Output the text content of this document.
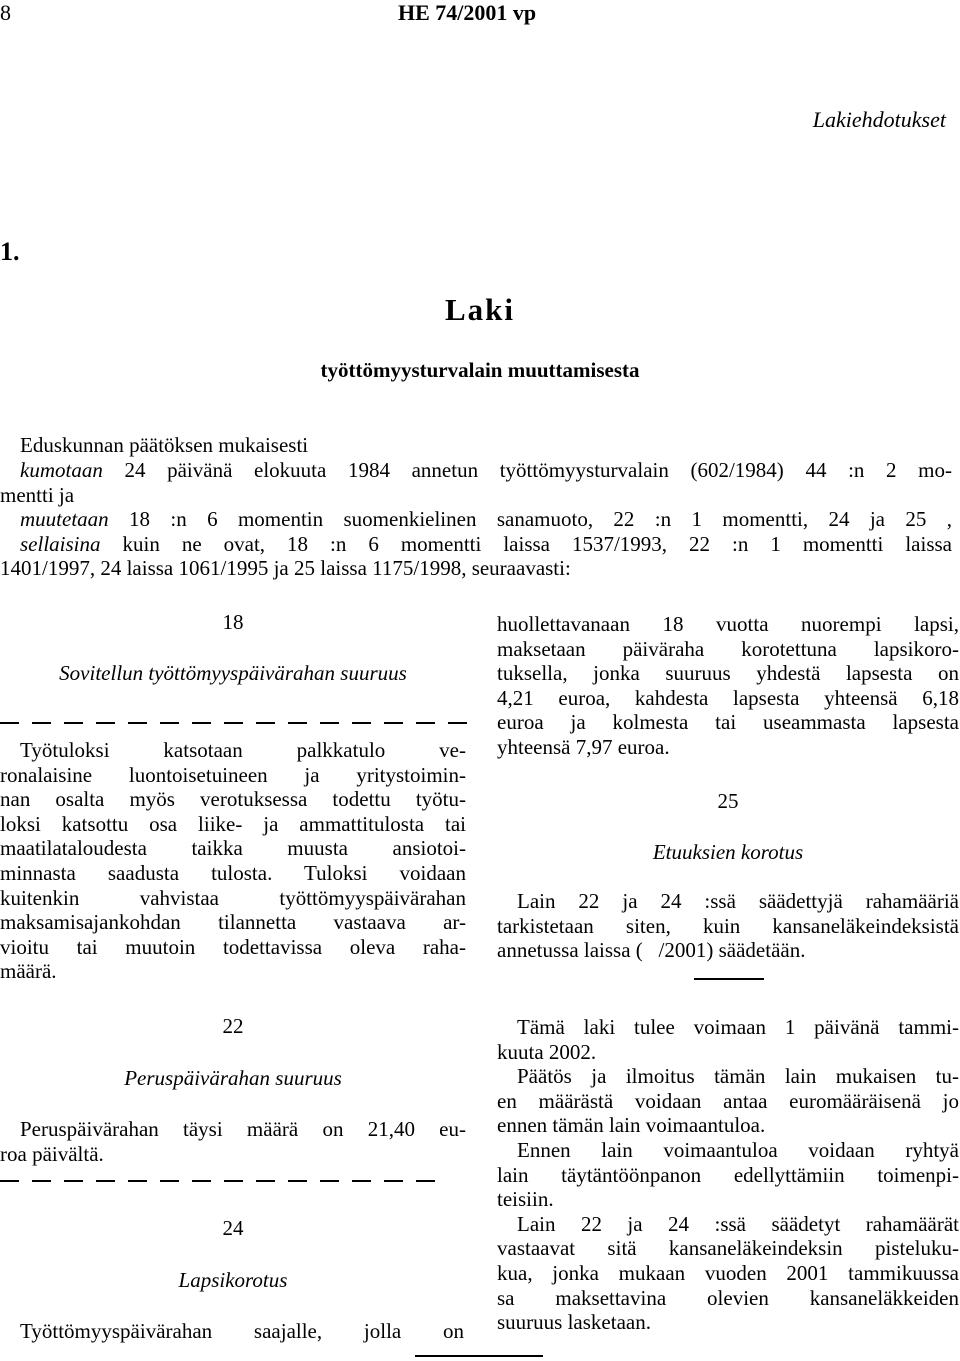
8	HE 74/2001 vp
Lakiehdotukset
1.
Laki
työttömyysturvalain muuttamisesta
Eduskunnan päätöksen mukaisesti
kumotaan 24 päivänä elokuuta 1984 annetun työttömyysturvalain (602/1984) 44 :n 2 mo-
mentti ja
muutetaan 18 :n 6 momentin suomenkielinen sanamuoto, 22 :n 1 momentti, 24 ja 25 ,
sellaisina kuin ne ovat, 18 :n 6 momentti laissa 1537/1993, 22 :n 1 momentti laissa
1401/1997, 24 laissa 1061/1995 ja 25 laissa 1175/1998, seuraavasti:
18
Sovitellun työttömyyspäivärahan suuruus
Työtuloksi katsotaan palkkatulo ve-
ronalaisine luontoisetuineen ja yritystoimin-
nan osalta myös verotuksessa todettu työtu-
loksi katsottu osa liike- ja ammattitulosta tai
maatilataloudesta taikka muusta ansiotoi-
minnasta saadusta tulosta. Tuloksi voidaan
kuitenkin vahvistaa työttömyyspäivärahan
maksamisajankohdan tilannetta vastaava ar-
vioitu tai muutoin todettavissa oleva raha-
määrä.
22
Peruspäivärahan suuruus
Peruspäivärahan täysi määrä on 21,40 eu-
roa päivältä.
24
Lapsikorotus
Työttömyyspäivärahan saajalle, jolla on
huollettavanaan 18 vuotta nuorempi lapsi,
maksetaan päiväraha korotettuna lapsikoro-
tuksella, jonka suuruus yhdestä lapsesta on
4,21 euroa, kahdesta lapsesta yhteensä 6,18
euroa ja kolmesta tai useammasta lapsesta
yhteensä 7,97 euroa.
25
Etuuksien korotus
Lain 22 ja 24 :ssä säädettyjä rahamääriä
tarkistetaan siten, kuin kansaneläkeindeksistä
annetussa laissa (   /2001) säädetään.
Tämä laki tulee voimaan 1 päivänä tammi-
kuuta 2002.
Päätös ja ilmoitus tämän lain mukaisen tu-
en määrästä voidaan antaa euromääräisenä jo
ennen tämän lain voimaantuloa.
Ennen lain voimaantuloa voidaan ryhtyä
lain täytäntöönpanon edellyttämiin toimenpi-
teisiin.
Lain 22 ja 24 :ssä säädetyt rahamäärät
vastaavat sitä kansaneläkeindeksin pisteluku-
kua, jonka mukaan vuoden 2001 tammikuussa
sa maksettavina olevien kansaneläkkeiden
suuruus lasketaan.
